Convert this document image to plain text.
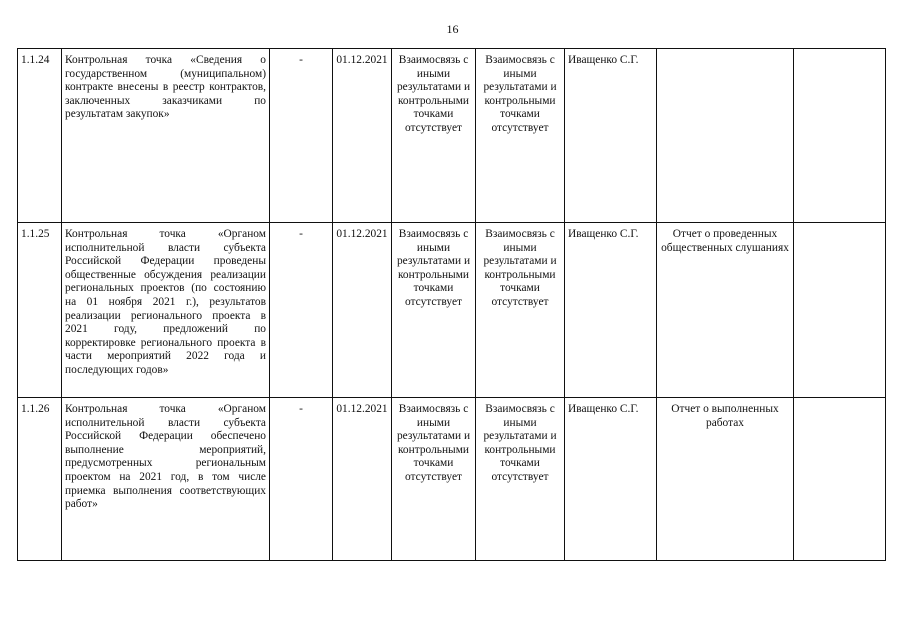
16
1.1.24	Контрольная точка «Сведения о государственном (муниципальном) контракте внесены в реестр контрактов, заключенных заказчиками по результатам закупок»	-	01.12.2021	Взаимосвязь с иными результатами и контрольными точками отсутствует	Взаимосвязь с иными результатами и контрольными точками отсутствует	Иващенко С.Г.		
1.1.25	Контрольная точка «Органом исполнительной власти субъекта Российской Федерации проведены общественные обсуждения реализации региональных проектов (по состоянию на 01 ноября 2021 г.), результатов реализации регионального проекта в 2021 году, предложений по корректировке регионального проекта в части мероприятий 2022 года и последующих годов»	-	01.12.2021	Взаимосвязь с иными результатами и контрольными точками отсутствует	Взаимосвязь с иными результатами и контрольными точками отсутствует	Иващенко С.Г.	Отчет о проведенных общественных слушаниях	
1.1.26	Контрольная точка «Органом исполнительной власти субъекта Российской Федерации обеспечено выполнение мероприятий, предусмотренных региональным проектом на 2021 год, в том числе приемка выполнения соответствующих работ»	-	01.12.2021	Взаимосвязь с иными результатами и контрольными точками отсутствует	Взаимосвязь с иными результатами и контрольными точками отсутствует	Иващенко С.Г.	Отчет о выполненных работах	
